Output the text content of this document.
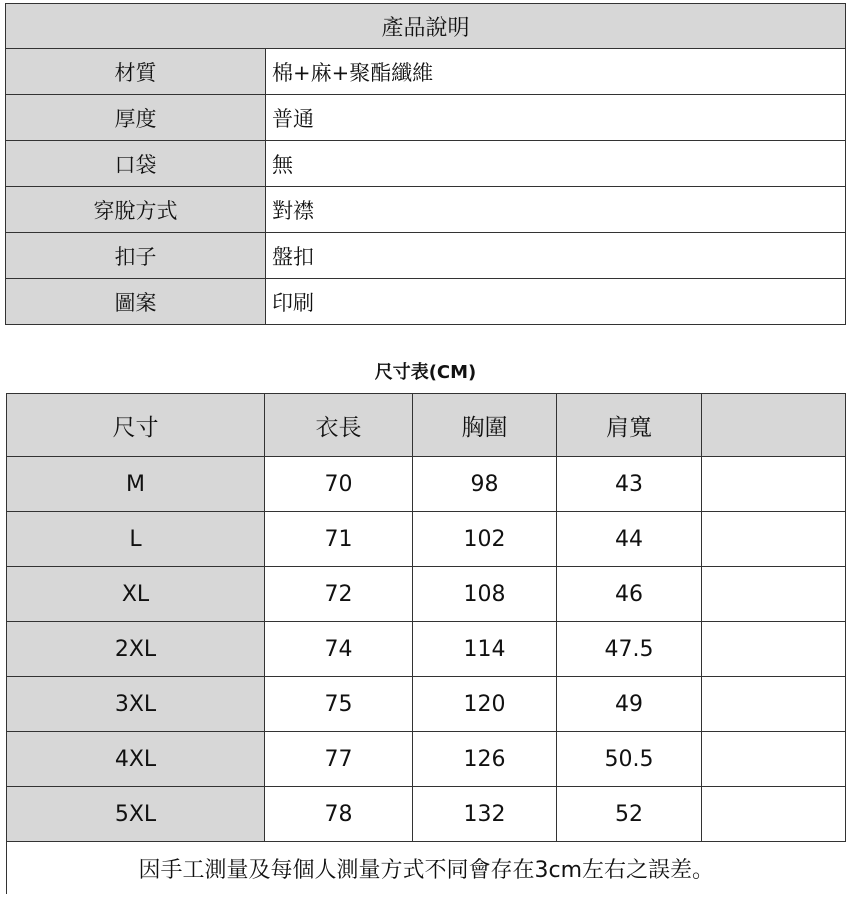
產品說明	
材質	棉+麻+聚酯纖維
厚度	普通
口袋	無
穿脫方式	對襟
扣子	盤扣
圖案	印刷
尺寸表(CM)
尺寸	衣長	胸圍	肩寬	
M	70	98	43	
L	71	102	44	
XL	72	108	46	
2XL	74	114	47.5	
3XL	75	120	49	
4XL	77	126	50.5	
5XL	78	132	52	
因手工測量及每個人測量方式不同會存在3cm左右之誤差。				
